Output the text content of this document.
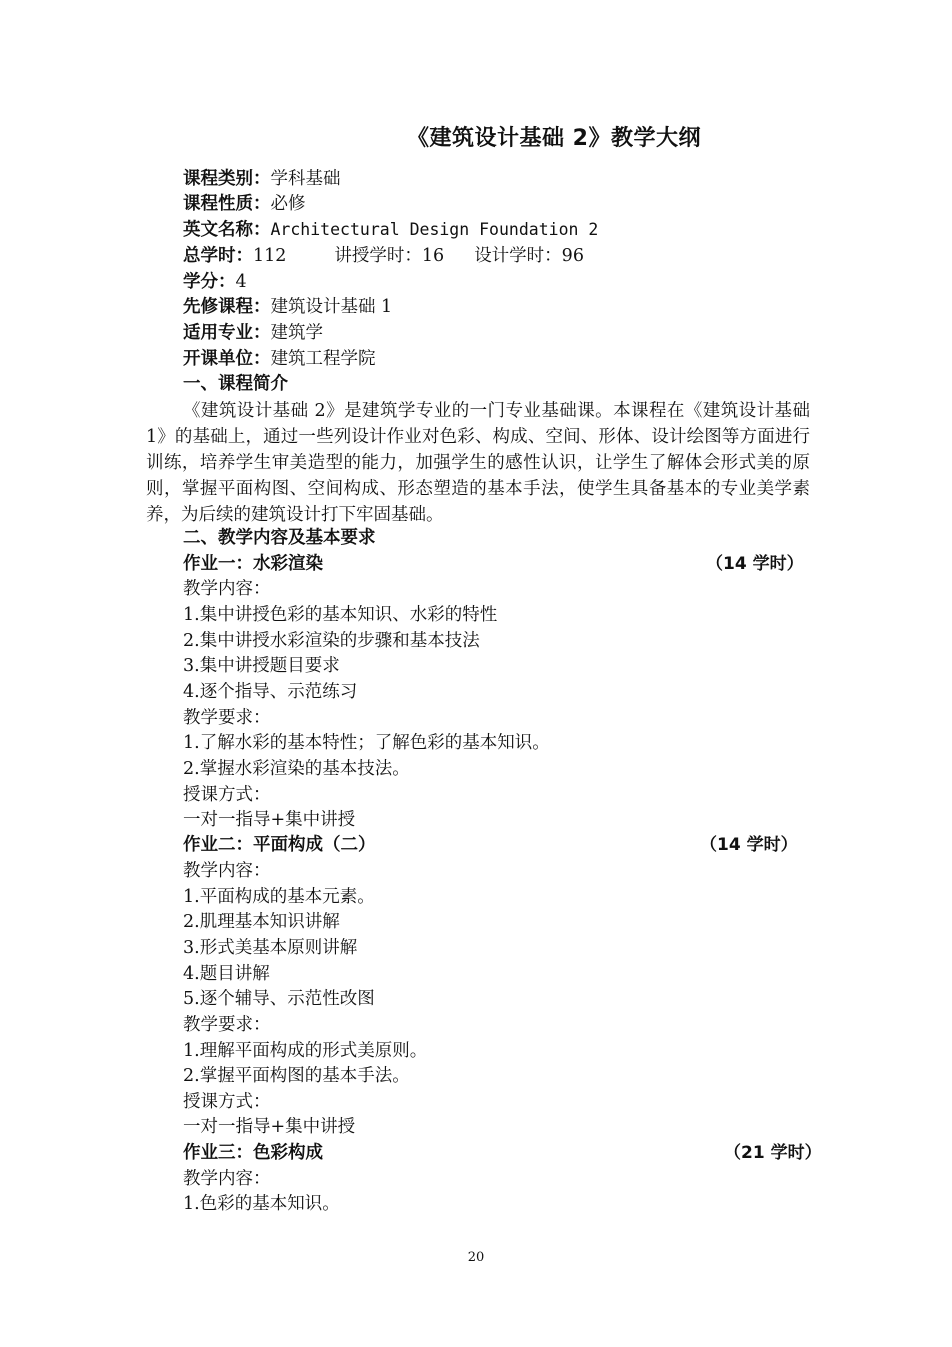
《建筑设计基础 2》教学大纲
课程类别：学科基础
课程性质：必修
英文名称：Architectural Design Foundation 2
总学时：112	讲授学时：16 设计学时：96
学分：4
先修课程：建筑设计基础 1
适用专业：建筑学
开课单位：建筑工程学院
一、课程简介
《建筑设计基础 2》是建筑学专业的一门专业基础课。本课程在《建筑设计基础 1》的基础上，通过一些列设计作业对色彩、构成、空间、形体、设计绘图等方面进行训练，培养学生审美造型的能力，加强学生的感性认识，让学生了解体会形式美的原则，掌握平面构图、空间构成、形态塑造的基本手法，使学生具备基本的专业美学素养，为后续的建筑设计打下牢固基础。
二、教学内容及基本要求
作业一：水彩渲染	（14 学时）
教学内容：
1.集中讲授色彩的基本知识、水彩的特性
2.集中讲授水彩渲染的步骤和基本技法
3.集中讲授题目要求
4.逐个指导、示范练习
教学要求：
1.了解水彩的基本特性；了解色彩的基本知识。
2.掌握水彩渲染的基本技法。
授课方式：
一对一指导+集中讲授
作业二：平面构成（二）	（14 学时）
教学内容：
1.平面构成的基本元素。
2.肌理基本知识讲解
3.形式美基本原则讲解
4.题目讲解
5.逐个辅导、示范性改图
教学要求：
1.理解平面构成的形式美原则。
2.掌握平面构图的基本手法。
授课方式：
一对一指导+集中讲授
作业三：色彩构成	（21 学时）
教学内容：
1.色彩的基本知识。
20
